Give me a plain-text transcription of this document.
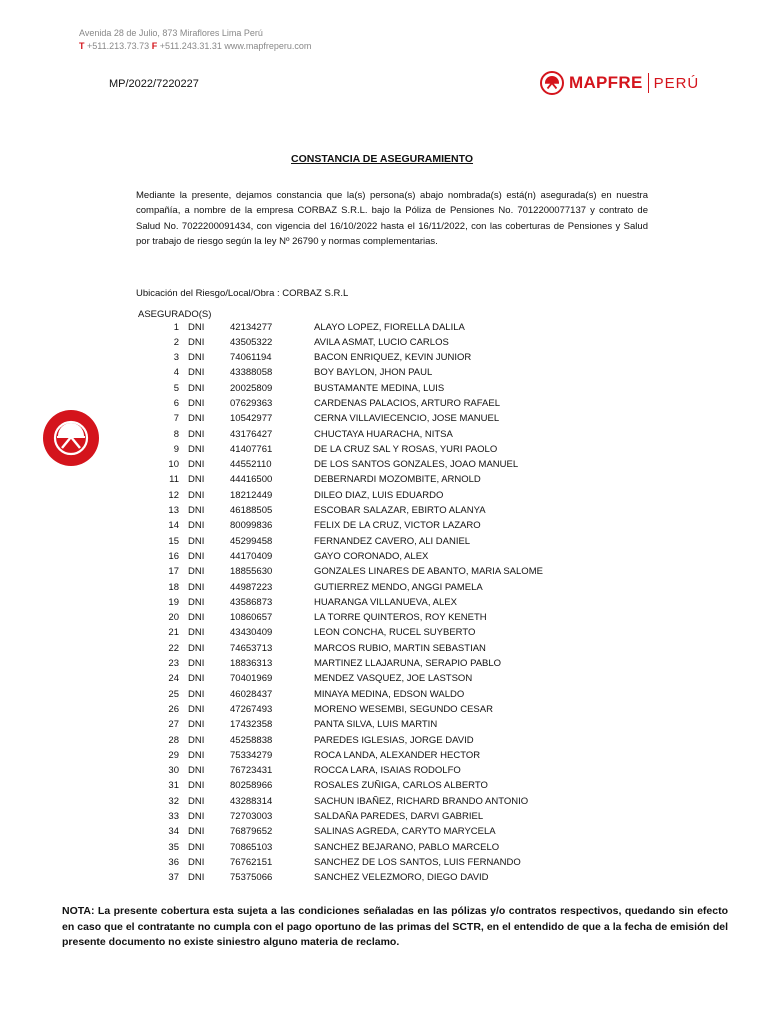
Avenida 28 de Julio, 873 Miraflores Lima Perú
T +511.213.73.73 F +511.243.31.31 www.mapfreperu.com
MP/2022/7220227	MAPFRE PERÚ
CONSTANCIA DE ASEGURAMIENTO
Mediante la presente, dejamos constancia que la(s) persona(s) abajo nombrada(s) está(n) asegurada(s) en nuestra compañía, a nombre de la empresa CORBAZ S.R.L. bajo la Póliza de Pensiones No. 7012200077137 y contrato de Salud No. 7022200091434, con vigencia del 16/10/2022 hasta el 16/11/2022, con las coberturas de Pensiones y Salud por trabajo de riesgo según la ley Nº 26790 y normas complementarias.
Ubicación del Riesgo/Local/Obra : CORBAZ S.R.L
ASEGURADO(S)
1 DNI	42134277	ALAYO LOPEZ, FIORELLA DALILA
2 DNI	43505322	AVILA ASMAT, LUCIO CARLOS
3 DNI	74061194	BACON ENRIQUEZ, KEVIN JUNIOR
4 DNI	43388058	BOY BAYLON, JHON PAUL
5 DNI	20025809	BUSTAMANTE MEDINA, LUIS
6 DNI	07629363	CARDENAS PALACIOS, ARTURO RAFAEL
7 DNI	10542977	CERNA VILLAVIECENCIO, JOSE MANUEL
8 DNI	43176427	CHUCTAYA HUARACHA, NITSA
9 DNI	41407761	DE LA CRUZ SAL Y ROSAS, YURI PAOLO
10 DNI	44552110	DE LOS SANTOS GONZALES, JOAO MANUEL
11 DNI	44416500	DEBERNARDI MOZOMBITE, ARNOLD
12 DNI	18212449	DILEO DIAZ, LUIS EDUARDO
13 DNI	46188505	ESCOBAR SALAZAR, EBIRTO ALANYA
14 DNI	80099836	FELIX DE LA CRUZ, VICTOR LAZARO
15 DNI	45299458	FERNANDEZ CAVERO, ALI DANIEL
16 DNI	44170409	GAYO CORONADO, ALEX
17 DNI	18855630	GONZALES LINARES DE ABANTO, MARIA SALOME
18 DNI	44987223	GUTIERREZ MENDO, ANGGI PAMELA
19 DNI	43586873	HUARANGA VILLANUEVA, ALEX
20 DNI	10860657	LA TORRE QUINTEROS, ROY KENETH
21 DNI	43430409	LEON CONCHA, RUCEL SUYBERTO
22 DNI	74653713	MARCOS RUBIO, MARTIN SEBASTIAN
23 DNI	18836313	MARTINEZ LLAJARUNA, SERAPIO PABLO
24 DNI	70401969	MENDEZ VASQUEZ, JOE LASTSON
25 DNI	46028437	MINAYA MEDINA, EDSON WALDO
26 DNI	47267493	MORENO WESEMBI, SEGUNDO CESAR
27 DNI	17432358	PANTA SILVA, LUIS MARTIN
28 DNI	45258838	PAREDES IGLESIAS, JORGE DAVID
29 DNI	75334279	ROCA LANDA, ALEXANDER HECTOR
30 DNI	76723431	ROCCA LARA, ISAIAS RODOLFO
31 DNI	80258966	ROSALES ZUÑIGA, CARLOS ALBERTO
32 DNI	43288314	SACHUN IBAÑEZ, RICHARD BRANDO ANTONIO
33 DNI	72703003	SALDAÑA PAREDES, DARVI GABRIEL
34 DNI	76879652	SALINAS AGREDA, CARYTO MARYCELA
35 DNI	70865103	SANCHEZ BEJARANO, PABLO MARCELO
36 DNI	76762151	SANCHEZ DE LOS SANTOS, LUIS FERNANDO
37 DNI	75375066	SANCHEZ VELEZMORO, DIEGO DAVID
NOTA: La presente cobertura esta sujeta a las condiciones señaladas en las pólizas y/o contratos respectivos, quedando sin efecto en caso que el contratante no cumpla con el pago oportuno de las primas del SCTR, en el entendido de que a la fecha de emisión del presente documento no existe siniestro alguno materia de reclamo.
